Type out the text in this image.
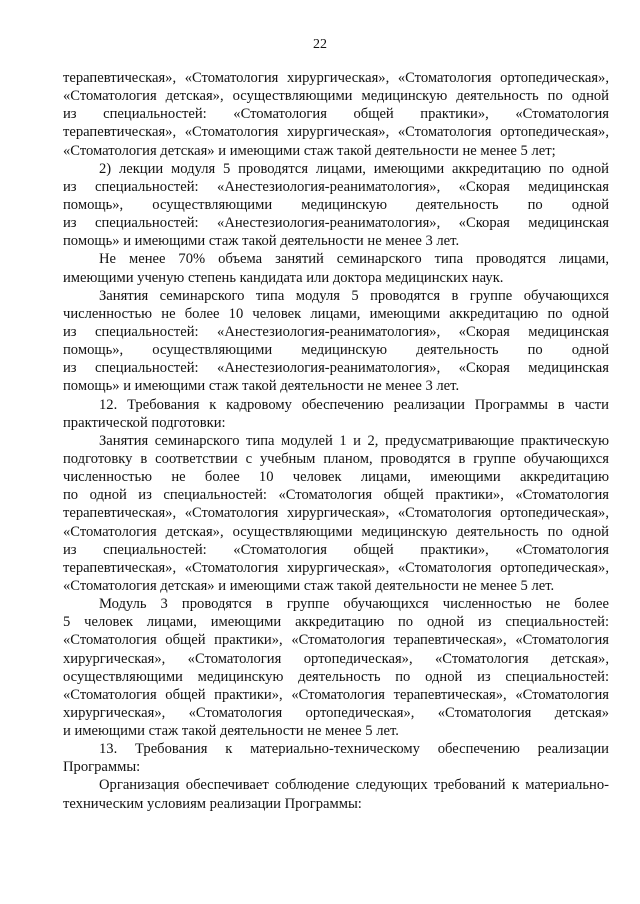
22
терапевтическая», «Стоматология хирургическая», «Стоматология ортопедическая»,
«Стоматология детская», осуществляющими медицинскую деятельность по одной
из специальностей: «Стоматология общей практики», «Стоматология
терапевтическая», «Стоматология хирургическая», «Стоматология ортопедическая»,
«Стоматология детская» и имеющими стаж такой деятельности не менее 5 лет;
2) лекции модуля 5 проводятся лицами, имеющими аккредитацию по одной
из специальностей: «Анестезиология-реаниматология», «Скорая медицинская
помощь», осуществляющими медицинскую деятельность по одной
из специальностей: «Анестезиология-реаниматология», «Скорая медицинская
помощь» и имеющими стаж такой деятельности не менее 3 лет.
Не менее 70% объема занятий семинарского типа проводятся лицами,
имеющими ученую степень кандидата или доктора медицинских наук.
Занятия семинарского типа модуля 5 проводятся в группе обучающихся
численностью не более 10 человек лицами, имеющими аккредитацию по одной
из специальностей: «Анестезиология-реаниматология», «Скорая медицинская
помощь», осуществляющими медицинскую деятельность по одной
из специальностей: «Анестезиология-реаниматология», «Скорая медицинская
помощь» и имеющими стаж такой деятельности не менее 3 лет.
12. Требования к кадровому обеспечению реализации Программы в части
практической подготовки:
Занятия семинарского типа модулей 1 и 2, предусматривающие практическую
подготовку в соответствии с учебным планом, проводятся в группе обучающихся
численностью не более 10 человек лицами, имеющими аккредитацию
по одной из специальностей: «Стоматология общей практики», «Стоматология
терапевтическая», «Стоматология хирургическая», «Стоматология ортопедическая»,
«Стоматология детская», осуществляющими медицинскую деятельность по одной
из специальностей: «Стоматология общей практики», «Стоматология
терапевтическая», «Стоматология хирургическая», «Стоматология ортопедическая»,
«Стоматология детская» и имеющими стаж такой деятельности не менее 5 лет.
Модуль 3 проводятся в группе обучающихся численностью не более
5 человек лицами, имеющими аккредитацию по одной из специальностей:
«Стоматология общей практики», «Стоматология терапевтическая», «Стоматология
хирургическая», «Стоматология ортопедическая», «Стоматология детская»,
осуществляющими медицинскую деятельность по одной из специальностей:
«Стоматология общей практики», «Стоматология терапевтическая», «Стоматология
хирургическая», «Стоматология ортопедическая», «Стоматология детская»
и имеющими стаж такой деятельности не менее 5 лет.
13. Требования к материально-техническому обеспечению реализации
Программы:
Организация обеспечивает соблюдение следующих требований к материально-
техническим условиям реализации Программы:
